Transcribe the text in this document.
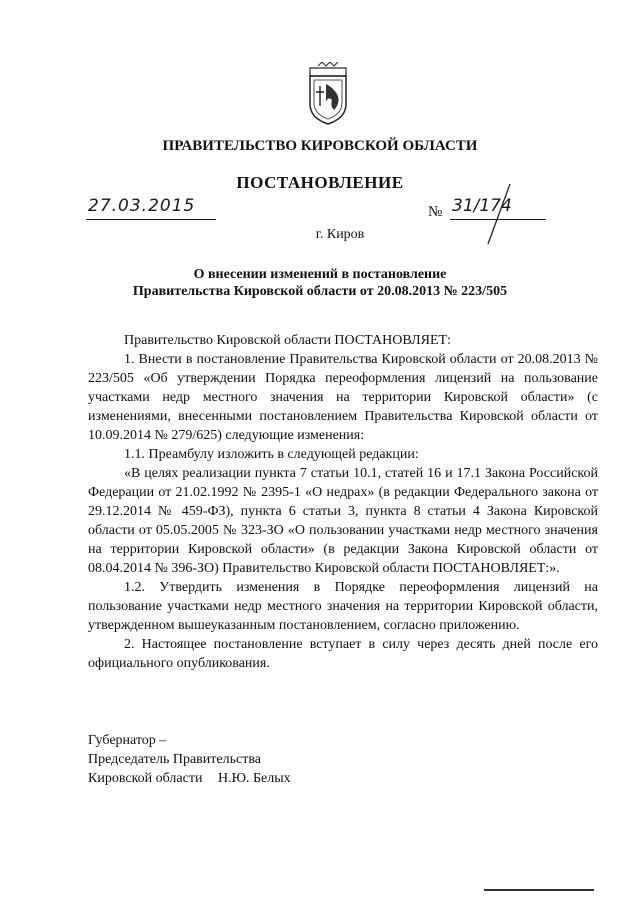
ПРАВИТЕЛЬСТВО КИРОВСКОЙ ОБЛАСТИ
ПОСТАНОВЛЕНИЕ
27.03.2015	№ 31/174
г. Киров
О внесении изменений в постановление
Правительства Кировской области от 20.08.2013 № 223/505

Правительство Кировской области ПОСТАНОВЛЯЕТ:

1. Внести в постановление Правительства Кировской области от 20.08.2013 № 223/505 «Об утверждении Порядка переоформления лицензий на пользование участками недр местного значения на территории Кировской области» (с изменениями, внесенными постановлением Правительства Кировской области от 10.09.2014 № 279/625) следующие изменения:

1.1. Преамбулу изложить в следующей редакции:

«В целях реализации пункта 7 статьи 10.1, статей 16 и 17.1 Закона Российской Федерации от 21.02.1992 № 2395-1 «О недрах» (в редакции Федерального закона от 29.12.2014 № 459-ФЗ), пункта 6 статьи 3, пункта 8 статьи 4 Закона Кировской области от 05.05.2005 № 323-ЗО «О пользовании участками недр местного значения на территории Кировской области» (в редакции Закона Кировской области от 08.04.2014 № 396-ЗО) Правительство Кировской области ПОСТАНОВЛЯЕТ:».

1.2. Утвердить изменения в Порядке переоформления лицензий на пользование участками недр местного значения на территории Кировской области, утвержденном вышеуказанным постановлением, согласно приложению.

2. Настоящее постановление вступает в силу через десять дней после его официального опубликования.

Губернатор –
Председатель Правительства
Кировской области Н.Ю. Белых
